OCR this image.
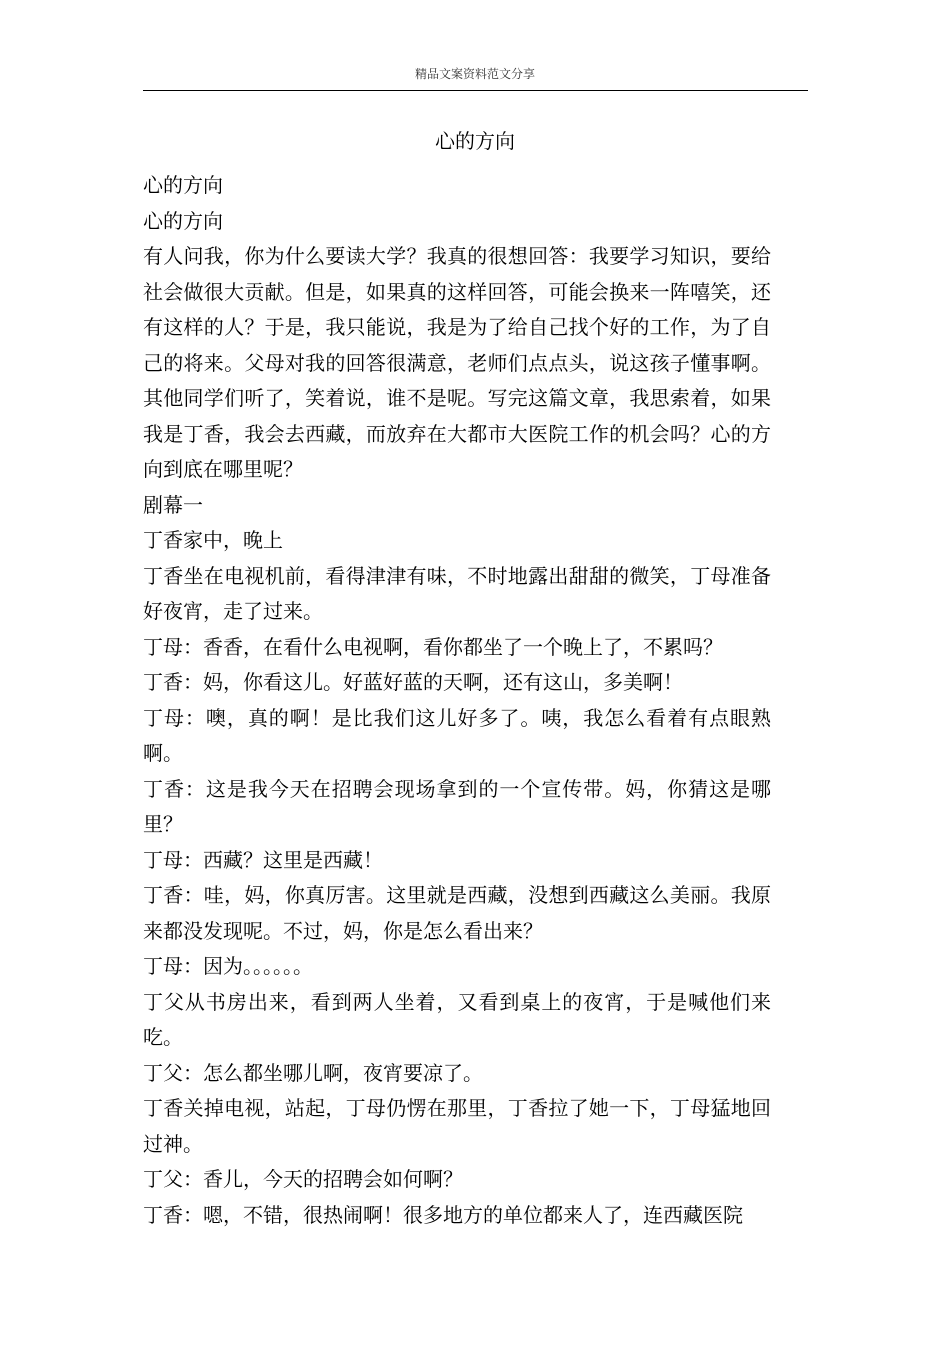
精品文案资料范文分享
心的方向

心的方向

心的方向

有人问我，你为什么要读大学？我真的很想回答：我要学习知识，要给社会做很大贡献。但是，如果真的这样回答，可能会换来一阵嘻笑，还有这样的人？于是，我只能说，我是为了给自己找个好的工作，为了自己的将来。父母对我的回答很满意，老师们点点头，说这孩子懂事啊。其他同学们听了，笑着说，谁不是呢。写完这篇文章，我思索着，如果我是丁香，我会去西藏，而放弃在大都市大医院工作的机会吗？心的方向到底在哪里呢？

剧幕一

丁香家中，晚上

丁香坐在电视机前，看得津津有味，不时地露出甜甜的微笑，丁母准备好夜宵，走了过来。

丁母：香香，在看什么电视啊，看你都坐了一个晚上了，不累吗？

丁香：妈，你看这儿。好蓝好蓝的天啊，还有这山，多美啊！

丁母：噢，真的啊！是比我们这儿好多了。咦，我怎么看着有点眼熟啊。

丁香：这是我今天在招聘会现场拿到的一个宣传带。妈，你猜这是哪里？

丁母：西藏？这里是西藏！

丁香：哇，妈，你真厉害。这里就是西藏，没想到西藏这么美丽。我原来都没发现呢。不过，妈，你是怎么看出来？

丁母：因为。。。。。。

丁父从书房出来，看到两人坐着，又看到桌上的夜宵，于是喊他们来吃。

丁父：怎么都坐哪儿啊，夜宵要凉了。

丁香关掉电视，站起，丁母仍愣在那里，丁香拉了她一下，丁母猛地回过神。

丁父：香儿，今天的招聘会如何啊？

丁香：嗯，不错，很热闹啊！很多地方的单位都来人了，连西藏医院
